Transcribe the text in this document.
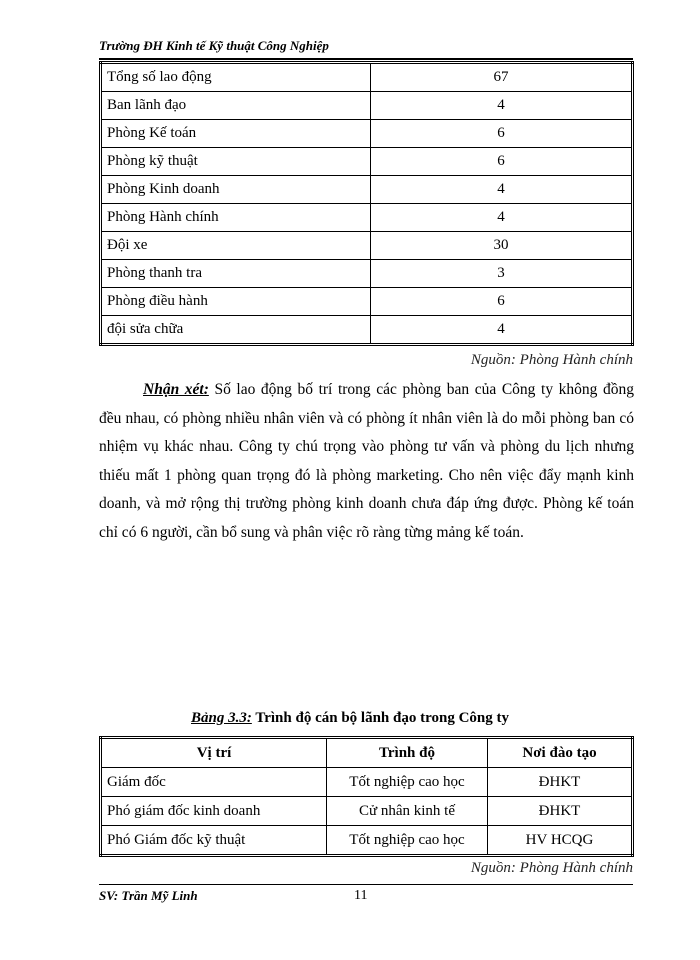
Trường ĐH Kinh tế Kỹ thuật Công Nghiệp
Tổng số lao động	67
Ban lãnh đạo	4
Phòng Kế toán	6
Phòng kỹ thuật	6
Phòng Kinh doanh	4
Phòng Hành chính	4
Đội xe	30
Phòng thanh tra	3
Phòng điều hành	6
đội sửa chữa	4
Nguồn: Phòng Hành chính
Nhận xét: Số lao động bố trí trong các phòng ban của Công ty không đồng đều nhau, có phòng nhiều nhân viên và có phòng ít nhân viên là do mỗi phòng ban có nhiệm vụ khác nhau. Công ty chú trọng vào phòng tư vấn và phòng du lịch nhưng thiếu mất 1 phòng quan trọng đó là phòng marketing. Cho nên việc đẩy mạnh kinh doanh, và mở rộng thị trường phòng kinh doanh chưa đáp ứng được. Phòng kế toán chỉ có 6 người, cần bổ sung và phân việc rõ ràng từng mảng kế toán.
Bảng 3.3: Trình độ cán bộ lãnh đạo trong Công ty
Vị trí	Trình độ	Nơi đào tạo
Giám đốc	Tốt nghiệp cao học	ĐHKT
Phó giám đốc kinh doanh	Cử nhân kinh tế	ĐHKT
Phó Giám đốc kỹ thuật	Tốt nghiệp cao học	HV HCQG
Nguồn: Phòng Hành chính
SV: Trần Mỹ Linh	11
